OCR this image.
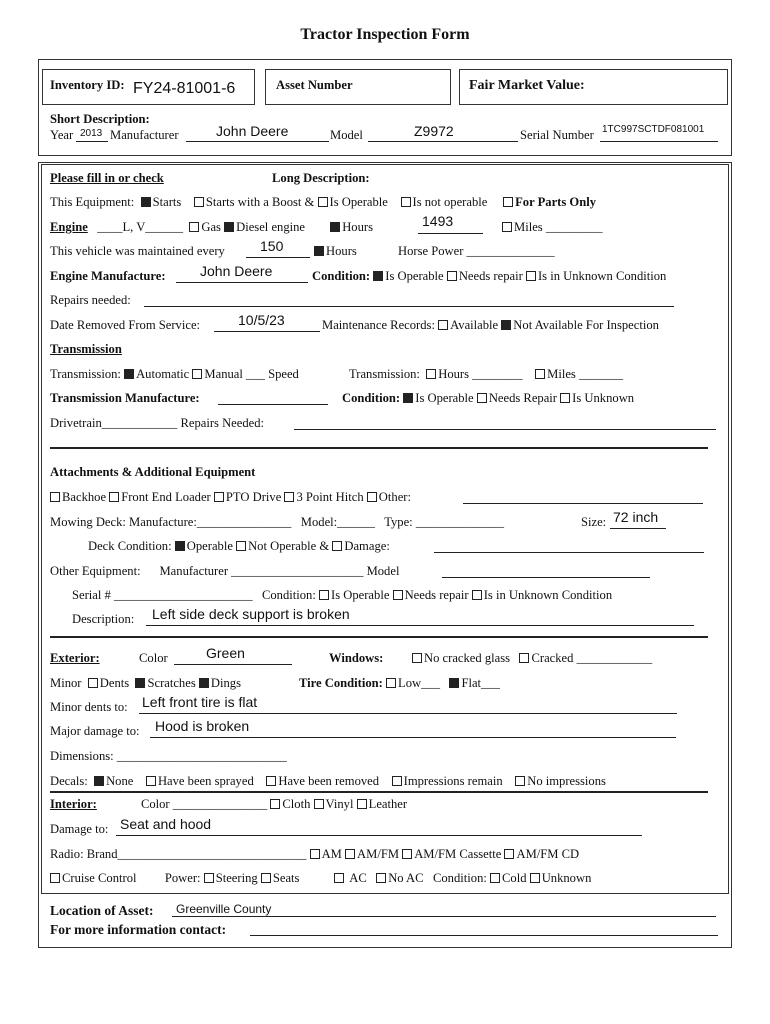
Tractor Inspection Form
Inventory ID: FY24-81001-6	Asset Number	Fair Market Value:
Short Description:
Year 2013 Manufacturer	John Deere	Model	Z9972	Serial Number 1TC997SCTDF081001
Please fill in or check	Long Description:
This Equipment: Starts Starts with a Boost & Is Operable Is not operable For Parts Only
Engine ____L, V______ Gas Diesel engine	Hours	1493	Miles _________
This vehicle was maintained every	150	Hours	Horse Power ______________
Engine Manufacture: John Deere	Condition: Is Operable Needs repair Is in Unknown Condition
Repairs needed:
Date Removed From Service:	10/5/23	Maintenance Records: Available Not Available For Inspection
Transmission
Transmission: Automatic Manual ___ Speed	Transmission: Hours ________ Miles _______
Transmission Manufacture:	Condition: Is Operable Needs Repair Is Unknown
Drivetrain____________ Repairs Needed:
Attachments & Additional Equipment
Backhoe Front End Loader PTO Drive 3 Point Hitch Other:
Mowing Deck: Manufacture:_______________ Model:______ Type: ______________	Size: 72 inch
Deck Condition: Operable Not Operable & Damage:
Other Equipment: Manufacturer _____________________ Model
Serial # ______________________ Condition: Is Operable Needs repair Is in Unknown Condition
Description: Left side deck support is broken
Exterior:	Color	Green	Windows:	No cracked glass Cracked ____________
Minor Dents Scratches Dings	Tire Condition: Low___ Flat___
Minor dents to: Left front tire is flat
Major damage to: Hood is broken
Dimensions: ___________________________
Decals: None Have been sprayed Have been removed Impressions remain No impressions
Interior:	Color _______________ Cloth Vinyl Leather
Damage to: Seat and hood
Radio: Brand______________________________ AM AM/FM AM/FM Cassette AM/FM CD
Cruise Control Power: Steering Seats	AC No AC Condition: Cold Unknown
Location of Asset: Greenville County
For more information contact:
